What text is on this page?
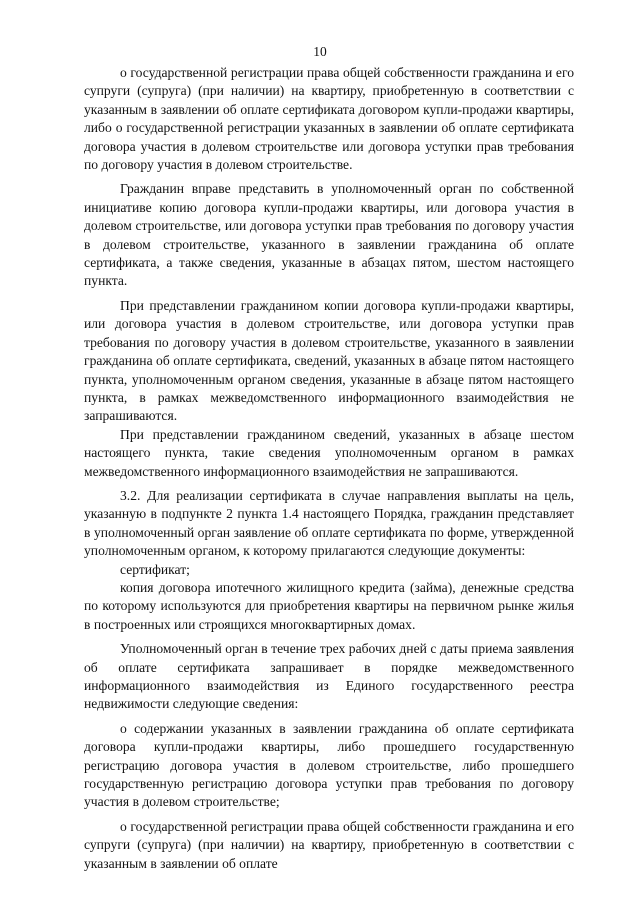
10

о государственной регистрации права общей собственности гражданина и его супруги (супруга) (при наличии) на квартиру, приобретенную в соответствии с указанным в заявлении об оплате сертификата договором купли-продажи квартиры, либо о государственной регистрации указанных в заявлении об оплате сертификата договора участия в долевом строительстве или договора уступки прав требования по договору участия в долевом строительстве.

Гражданин вправе представить в уполномоченный орган по собственной инициативе копию договора купли-продажи квартиры, или договора участия в долевом строительстве, или договора уступки прав требования по договору участия в долевом строительстве, указанного в заявлении гражданина об оплате сертификата, а также сведения, указанные в абзацах пятом, шестом настоящего пункта.

При представлении гражданином копии договора купли-продажи квартиры, или договора участия в долевом строительстве, или договора уступки прав требования по договору участия в долевом строительстве, указанного в заявлении гражданина об оплате сертификата, сведений, указанных в абзаце пятом настоящего пункта, уполномоченным органом сведения, указанные в абзаце пятом настоящего пункта, в рамках межведомственного информационного взаимодействия не запрашиваются.

При представлении гражданином сведений, указанных в абзаце шестом настоящего пункта, такие сведения уполномоченным органом в рамках межведомственного информационного взаимодействия не запрашиваются.

3.2. Для реализации сертификата в случае направления выплаты на цель, указанную в подпункте 2 пункта 1.4 настоящего Порядка, гражданин представляет в уполномоченный орган заявление об оплате сертификата по форме, утвержденной уполномоченным органом, к которому прилагаются следующие документы:

сертификат;

копия договора ипотечного жилищного кредита (займа), денежные средства по которому используются для приобретения квартиры на первичном рынке жилья в построенных или строящихся многоквартирных домах.

Уполномоченный орган в течение трех рабочих дней с даты приема заявления об оплате сертификата запрашивает в порядке межведомственного информационного взаимодействия из Единого государственного реестра недвижимости следующие сведения:

о содержании указанных в заявлении гражданина об оплате сертификата договора купли-продажи квартиры, либо прошедшего государственную регистрацию договора участия в долевом строительстве, либо прошедшего государственную регистрацию договора уступки прав требования по договору участия в долевом строительстве;

о государственной регистрации права общей собственности гражданина и его супруги (супруга) (при наличии) на квартиру, приобретенную в соответствии с указанным в заявлении об оплате
